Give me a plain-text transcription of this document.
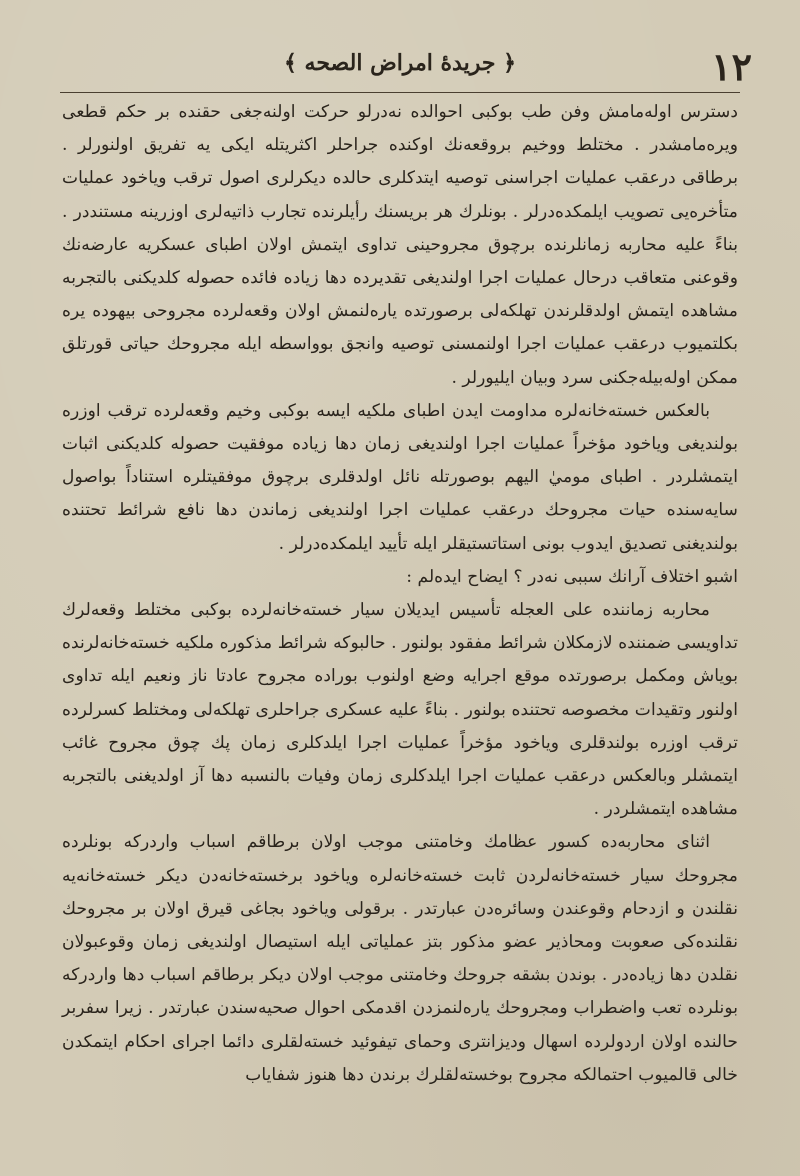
١٢
﴿ جريدهٔ امراض الصحه ﴾

دسترس اولەمامش وفن طب بوكبى احوالدە نەدرلو حركت اولنەجغى حقندە بر حكم قطعى ويرەمامشدر . مختلط ووخيم بروقعەنك اوكندە جراحلر اكثريتلە ايكى يە تفريق اولنورلر . برطاقى درعقب عمليات اجراسنى توصيە ايتدكلرى حالدە ديكرلرى اصول ترقب وياخود عمليات متأخرەيى تصويب ايلمكدەدرلر . بونلرك هر بريسنك رأيلرندە تجارب ذاتيەلرى اوزرينە مستنددر . بناءً عليە محاربە زمانلرندە برچوق مجروحينى تداوى ايتمش اولان اطباى عسكريە عارضەنك وقوعنى متعاقب درحال عمليات اجرا اولندیغى تقدیردە دها زيادە فائدە حصولە كلديكنى بالتجربە مشاهدە ايتمش اولدقلرندن تهلكەلى برصورتدە يارەلنمش اولان وقعەلردە مجروحى بيهودە يرە بكلتميوب درعقب عمليات اجرا اولنمسنى توصيە وانجق بوواسطە ايلە مجروحك حياتى قورتلق ممكن اولەبيلەجكنى سرد وبيان ايليورلر .

بالعكس خستەخانەلرە مداومت ايدن اطباى ملكيە ايسە بوكبى وخيم وقعەلردە ترقب اوزرە بولنديغى وياخود مؤخراً عمليات اجرا اولنديغى زمان دها زيادە موفقيت حصولە كلديكنى اثبات ايتمشلردر . اطباى موميٰ اليهم بوصورتلە نائل اولدقلرى برچوق موفقيتلرە استناداً بواصول سايەسندە حيات مجروحك درعقب عمليات اجرا اولنديغى زماندن دها نافع شرائط تحتندە بولنديغنى تصديق ايدوب بونى استاتستيقلر ايلە تأييد ايلمكدەدرلر .

اشبو اختلاف آرانك سببى نەدر ؟ ايضاح ايدەلم :

محاربە زمانندە على العجلە تأسيس ايديلان سيار خستەخانەلردە بوكبى مختلط وقعەلرك تداويسى ضمنندە لازمكلان شرائط مفقود بولنور . حالبوكە شرائط مذكورە ملكيە خستەخانەلرندە بوياش ومكمل برصورتدە موقع اجرايە وضع اولنوب بورادە مجروح عادتا ناز ونعيم ايلە تداوى اولنور وتقيدات مخصوصە تحتندە بولنور . بناءً عليە عسكرى جراحلرى تهلكەلى ومختلط كسرلردە ترقب اوزرە بولندقلرى وياخود مؤخراً عمليات اجرا ايلدكلرى زمان پك چوق مجروح غائب ايتمشلر وبالعكس درعقب عمليات اجرا ايلدكلرى زمان وفيات بالنسبە دها آز اولديغنى بالتجربە مشاهدە ايتمشلردر .

اثناى محاربەدە كسور عظامك وخامتنى موجب اولان برطاقم اسباب واردركە بونلردە مجروحك سيار خستەخانەلردن ثابت خستەخانەلرە وياخود برخستەخانەدن ديكر خستەخانەيە نقلندن و ازدحام وقوعندن وسائرەدن عبارتدر . برقولى وياخود بجاغى قيرق اولان بر مجروحك نقلندەكى صعوبت ومحاذير عضو مذكور بتز عملياتى ايلە استيصال اولنديغى زمان وقوعبولان نقلدن دها زيادەدر . بوندن بشقە جروحك وخامتنى موجب اولان ديكر برطاقم اسباب دها واردركە بونلردە تعب واضطراب ومجروحك يارەلنمزدن اقدمكى احوال صحيەسندن عبارتدر . زيرا سفربر حالندە اولان اردولردە اسهال وديزانترى وحماى تيفوئيد خستەلقلرى دائما اجراى احكام ايتمكدن خالى قالميوب احتمالكە مجروح بوخستەلقلرك برندن دها هنوز شفاياب
